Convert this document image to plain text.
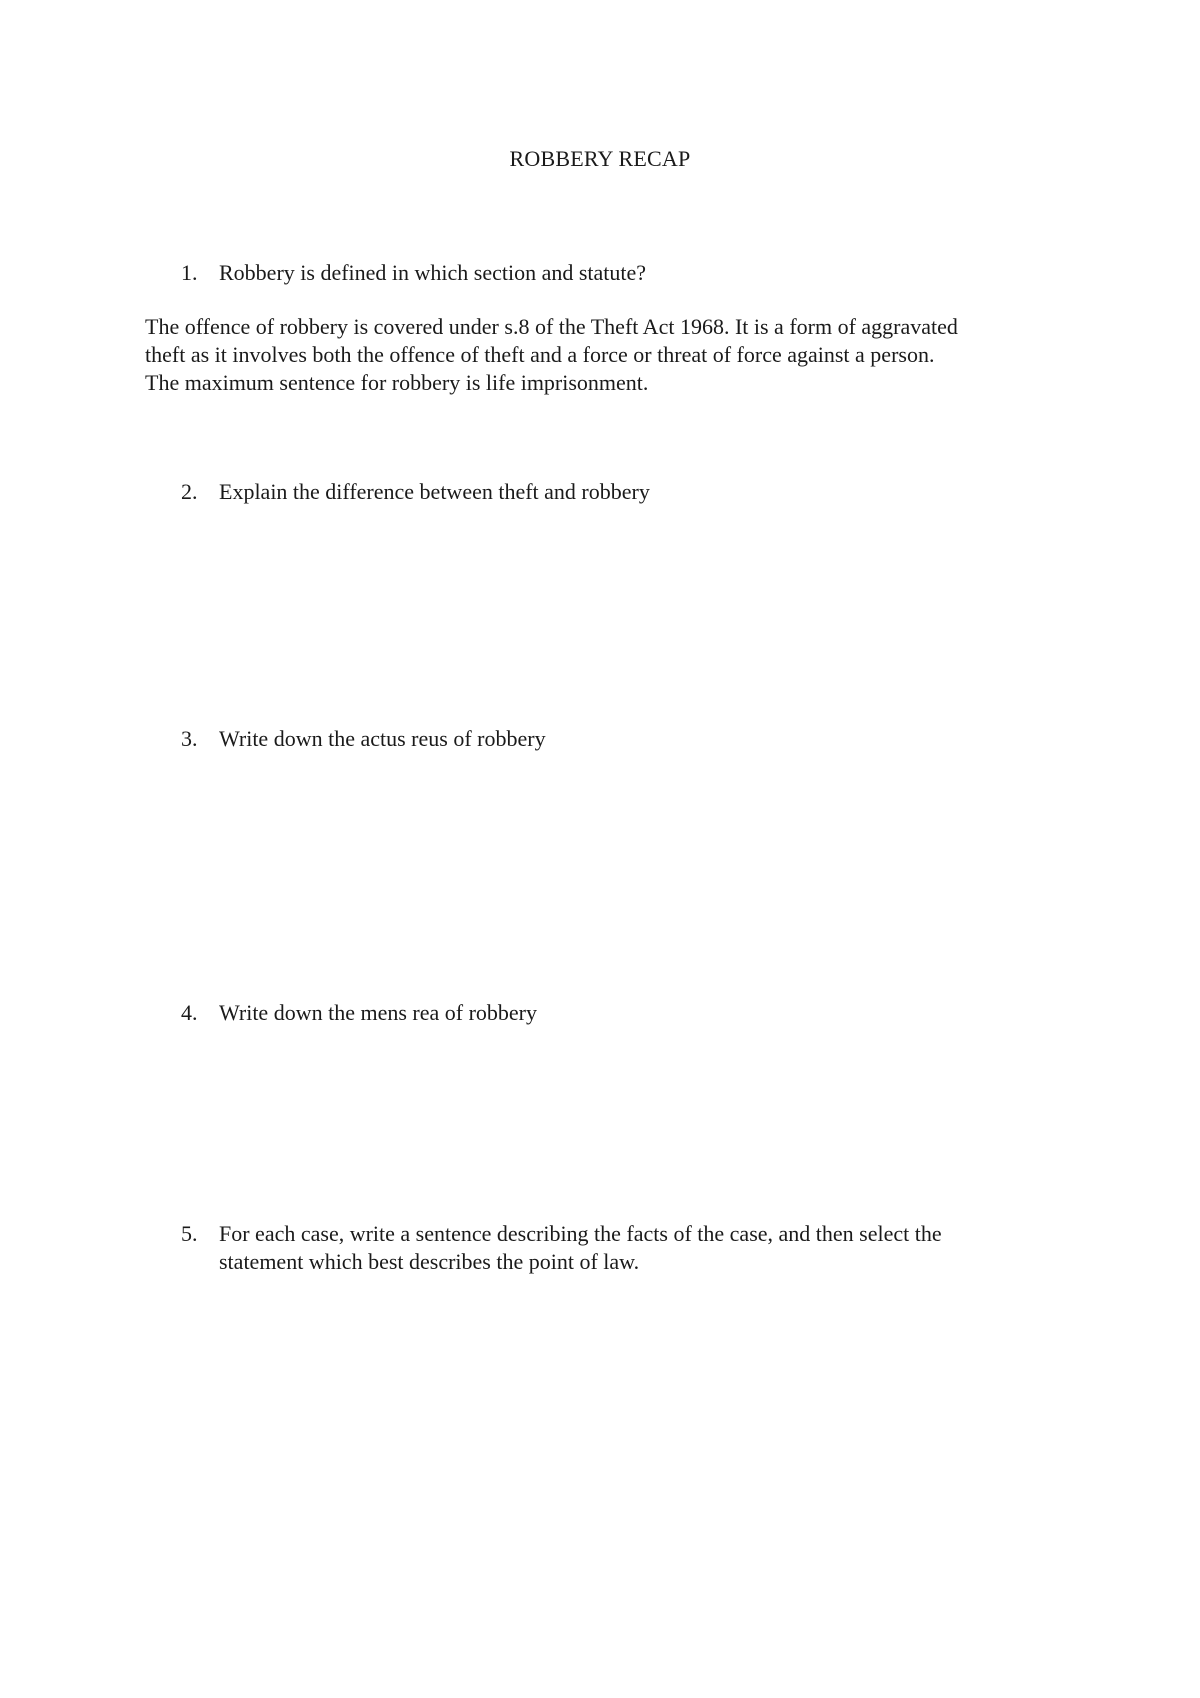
ROBBERY RECAP
1. Robbery is defined in which section and statute?

The offence of robbery is covered under s.8 of the Theft Act 1968. It is a form of aggravated

theft as it involves both the offence of theft and a force or threat of force against a person.

The maximum sentence for robbery is life imprisonment.

2. Explain the difference between theft and robbery
3. Write down the actus reus of robbery
4. Write down the mens rea of robbery
5. For each case, write a sentence describing the facts of the case, and then select the statement which best describes the point of law.
